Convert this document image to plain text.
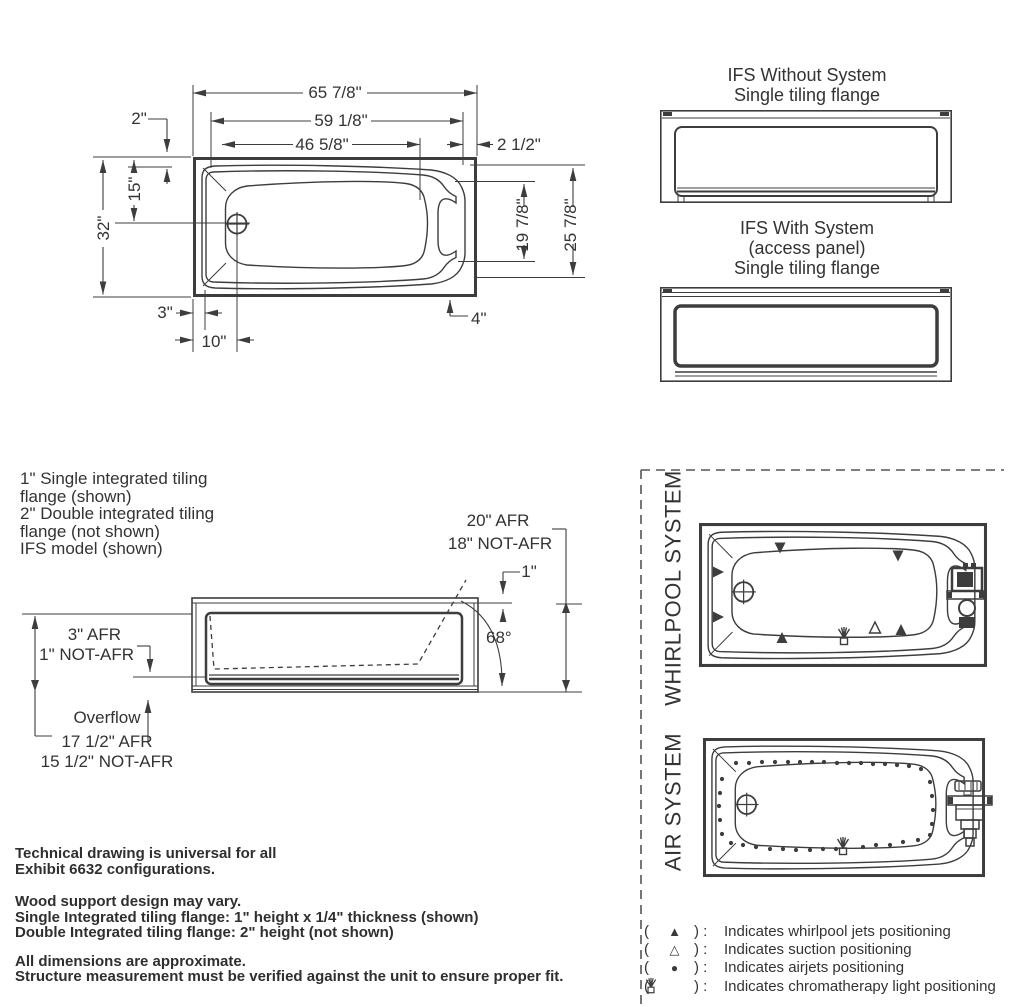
65 7/8"
59 1/8"
46 5/8"
2"
2 1/2"
15"
32"	19 7/8" 25 7/8"
3"
10"
4"
IFS Without System
Single tiling flange
IFS With System
(access panel)
Single tiling flange
20" AFR
18" NOT-AFR
1"
68°
3" AFR
1" NOT-AFR
Overflow
17 1/2" AFR
15 1/2" NOT-AFR
WHIRLPOOL SYSTEM
AIR SYSTEM
1" Single integrated tiling
flange (shown)
2" Double integrated tiling
flange (not shown)
IFS model (shown)
Technical drawing is universal for all
Exhibit 6632 configurations.
Wood support design may vary.
Single Integrated tiling flange: 1" height x 1/4" thickness (shown)
Double Integrated tiling flange: 2" height (not shown)
All dimensions are approximate.
Structure measurement must be verified against the unit to ensure proper fit.
(	▲ ) :	Indicates whirlpool jets positioning
(	△ ) :	Indicates suction positioning
(	●	) :	Indicates airjets positioning
(	) :	Indicates chromatherapy light positioning
